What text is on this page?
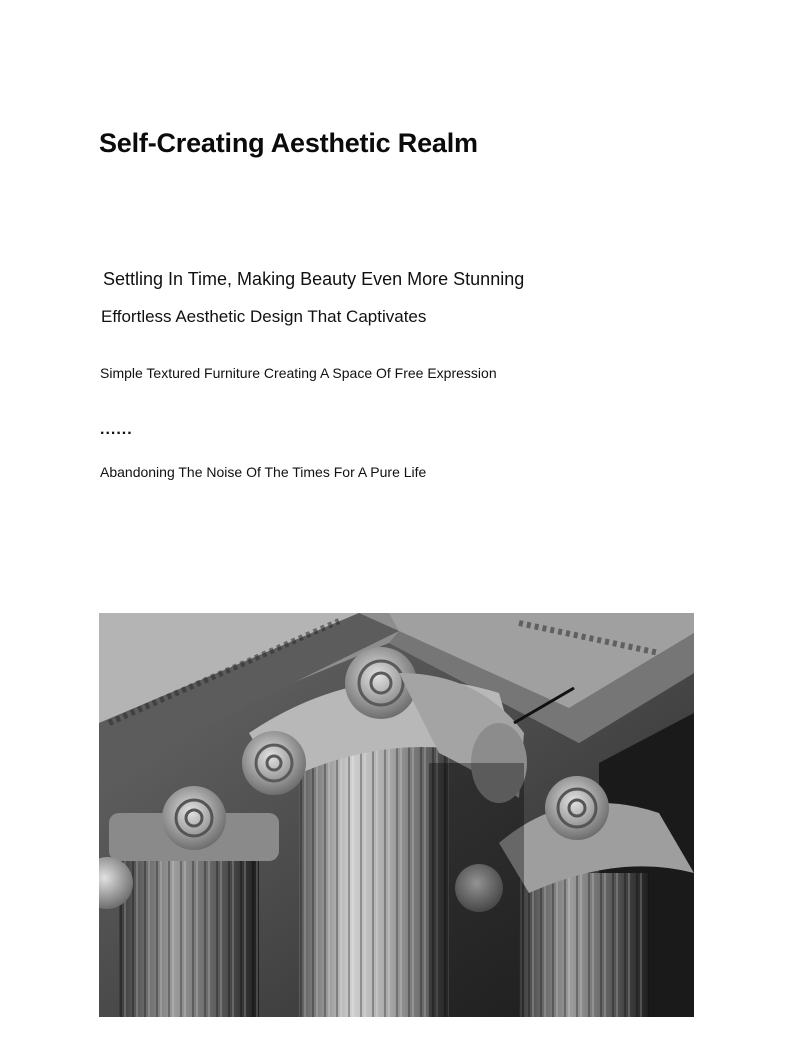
Self-Creating Aesthetic Realm

Settling In Time, Making Beauty Even More Stunning

Effortless Aesthetic Design That Captivates

Simple Textured Furniture Creating A Space Of Free Expression

......

Abandoning The Noise Of The Times For A Pure Life
